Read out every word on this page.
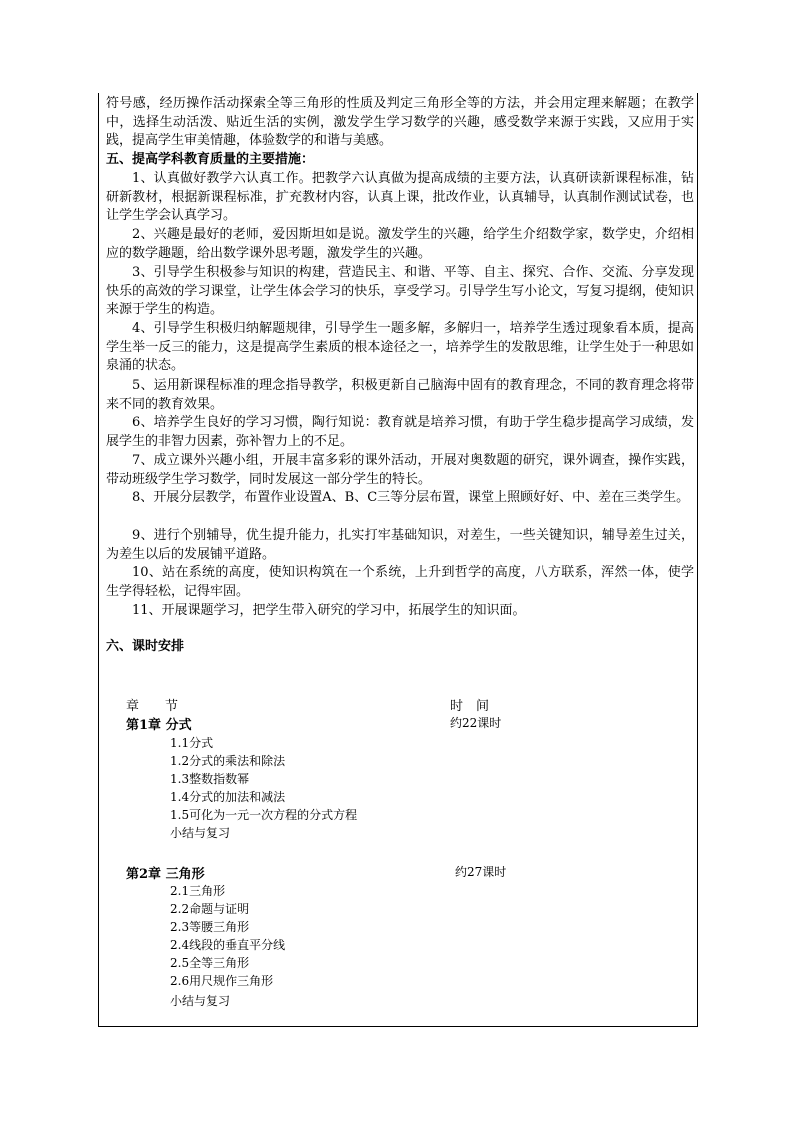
符号感，经历操作活动探索全等三角形的性质及判定三角形全等的方法，并会用定理来解题；在教学中，选择生动活泼、贴近生活的实例，激发学生学习数学的兴趣，感受数学来源于实践，又应用于实践，提高学生审美情趣，体验数学的和谐与美感。
五、提高学科教育质量的主要措施：
1、认真做好教学六认真工作。把教学六认真做为提高成绩的主要方法，认真研读新课程标准，钻研新教材，根据新课程标准，扩充教材内容，认真上课，批改作业，认真辅导，认真制作测试试卷，也让学生学会认真学习。
2、兴趣是最好的老师，爱因斯坦如是说。激发学生的兴趣，给学生介绍数学家，数学史，介绍相应的数学趣题，给出数学课外思考题，激发学生的兴趣。
3、引导学生积极参与知识的构建，营造民主、和谐、平等、自主、探究、合作、交流、分享发现快乐的高效的学习课堂，让学生体会学习的快乐，享受学习。引导学生写小论文，写复习提纲，使知识来源于学生的构造。
4、引导学生积极归纳解题规律，引导学生一题多解，多解归一，培养学生透过现象看本质，提高学生举一反三的能力，这是提高学生素质的根本途径之一，培养学生的发散思维，让学生处于一种思如泉涌的状态。
5、运用新课程标准的理念指导教学，积极更新自己脑海中固有的教育理念，不同的教育理念将带来不同的教育效果。
6、培养学生良好的学习习惯，陶行知说：教育就是培养习惯，有助于学生稳步提高学习成绩，发展学生的非智力因素，弥补智力上的不足。
7、成立课外兴趣小组，开展丰富多彩的课外活动，开展对奥数题的研究，课外调查，操作实践，带动班级学生学习数学，同时发展这一部分学生的特长。
8、开展分层教学，布置作业设置A、B、C三等分层布置，课堂上照顾好好、中、差在三类学生。
9、进行个别辅导，优生提升能力，扎实打牢基础知识，对差生，一些关键知识，辅导差生过关，为差生以后的发展铺平道路。
10、站在系统的高度，使知识构筑在一个系统，上升到哲学的高度，八方联系，浑然一体，使学生学得轻松，记得牢固。
11、开展课题学习，把学生带入研究的学习中，拓展学生的知识面。
六、课时安排
章　　节	时　间
第1章 分式	约22课时
1.1分式
1.2分式的乘法和除法
1.3整数指数幂
1.4分式的加法和减法
1.5可化为一元一次方程的分式方程
小结与复习
第2章 三角形	约27课时
2.1三角形
2.2命题与证明
2.3等腰三角形
2.4线段的垂直平分线
2.5全等三角形
2.6用尺规作三角形
小结与复习
